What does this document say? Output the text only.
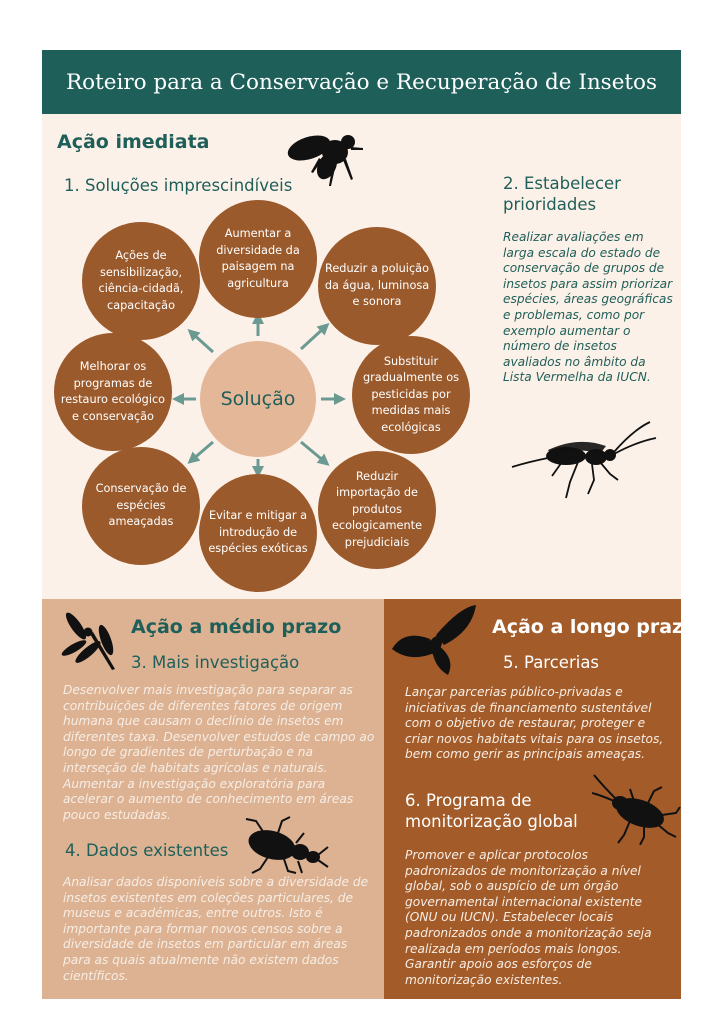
Roteiro para a Conservação e Recuperação de Insetos
Ação imediata
1. Soluções imprescindíveis	2. Estabelecer prioridades
Realizar avaliações em larga escala do estado de conservação de grupos de insetos para assim priorizar espécies, áreas geográficas e problemas, como por exemplo aumentar o número de insetos avaliados no âmbito da Lista Vermelha da IUCN.
Aumentar a diversidade da paisagem na agricultura
Reduzir a poluição da água, luminosa e sonora
Substituir gradualmente os pesticidas por medidas mais ecológicas
Reduzir importação de produtos ecologicamente prejudiciais
Evitar e mitigar a introdução de espécies exóticas
Conservação de espécies ameaçadas
Melhorar os programas de restauro ecológico e conservação
Ações de sensibilização, ciência-cidadã, capacitação
Solução
Ação a médio prazo
3. Mais investigação
Desenvolver mais investigação para separar as contribuições de diferentes fatores de origem humana que causam o declínio de insetos em diferentes taxa. Desenvolver estudos de campo ao longo de gradientes de perturbação e na interseção de habitats agrícolas e naturais. Aumentar a investigação exploratória para acelerar o aumento de conhecimento em áreas pouco estudadas.
4. Dados existentes
Analisar dados disponíveis sobre a diversidade de insetos existentes em coleções particulares, de museus e académicas, entre outros. Isto é importante para formar novos censos sobre a diversidade de insetos em particular em áreas para as quais atualmente não existem dados científicos.
Ação a longo prazo
5. Parcerias
Lançar parcerias público-privadas e iniciativas de financiamento sustentável com o objetivo de restaurar, proteger e criar novos habitats vitais para os insetos, bem como gerir as principais ameaças.
6. Programa de monitorização global
Promover e aplicar protocolos padronizados de monitorização a nível global, sob o auspício de um órgão governamental internacional existente (ONU ou IUCN). Estabelecer locais padronizados onde a monitorização seja realizada em períodos mais longos. Garantir apoio aos esforços de monitorização existentes.
